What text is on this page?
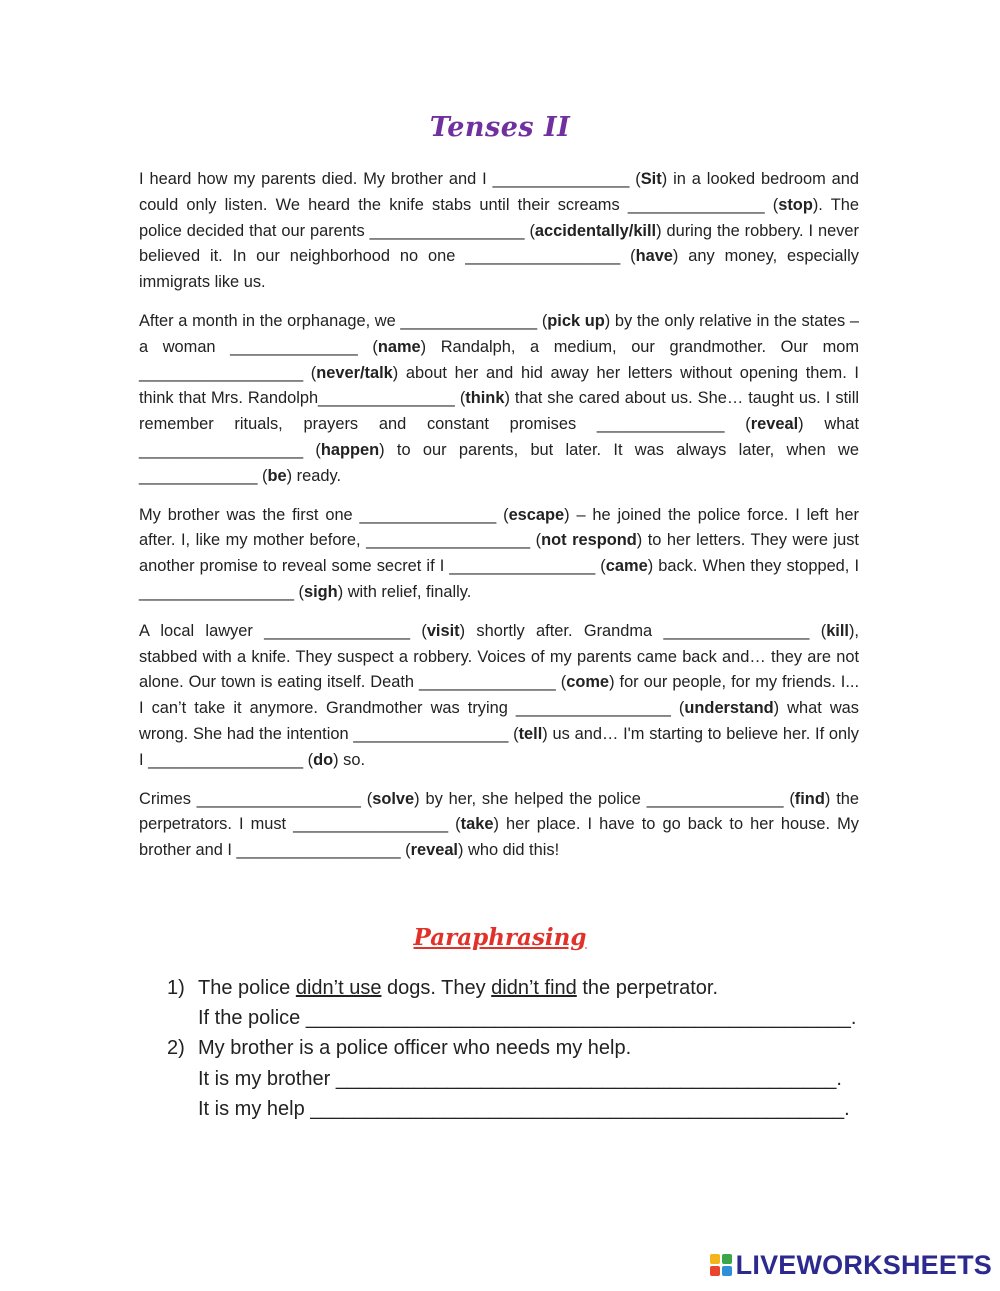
Tenses II

I heard how my parents died. My brother and I _______________ (Sit) in a looked bedroom and could only listen. We heard the knife stabs until their screams _______________ (stop). The police decided that our parents _________________ (accidentally/kill) during the robbery. I never believed it. In our neighborhood no one _________________ (have) any money, especially immigrats like us.

After a month in the orphanage, we _______________ (pick up) by the only relative in the states – a woman ______________ (name) Randalph, a medium, our grandmother. Our mom __________________ (never/talk) about her and hid away her letters without opening them. I think that Mrs. Randolph_______________ (think) that she cared about us. She… taught us. I still remember rituals, prayers and constant promises ______________ (reveal) what __________________ (happen) to our parents, but later. It was always later, when we _____________ (be) ready.

My brother was the first one _______________ (escape) – he joined the police force. I left her after. I, like my mother before, __________________ (not respond) to her letters. They were just another promise to reveal some secret if I ________________ (came) back. When they stopped, I _________________ (sigh) with relief, finally.

A local lawyer ________________ (visit) shortly after. Grandma ________________ (kill), stabbed with a knife. They suspect a robbery. Voices of my parents came back and… they are not alone. Our town is eating itself. Death _______________ (come) for our people, for my friends. I... I can’t take it anymore. Grandmother was trying _________________ (understand) what was wrong. She had the intention _________________ (tell) us and… I'm starting to believe her. If only I _________________ (do) so.

Crimes __________________ (solve) by her, she helped the police _______________ (find) the perpetrators. I must _________________ (take) her place. I have to go back to her house. My brother and I __________________ (reveal) who did this!

Paraphrasing
1) The police didn’t use dogs. They didn’t find the perpetrator.
If the police _________________________________________________.
2) My brother is a police officer who needs my help.
It is my brother _____________________________________________.
It is my help ________________________________________________.
LIVEWORKSHEETS
